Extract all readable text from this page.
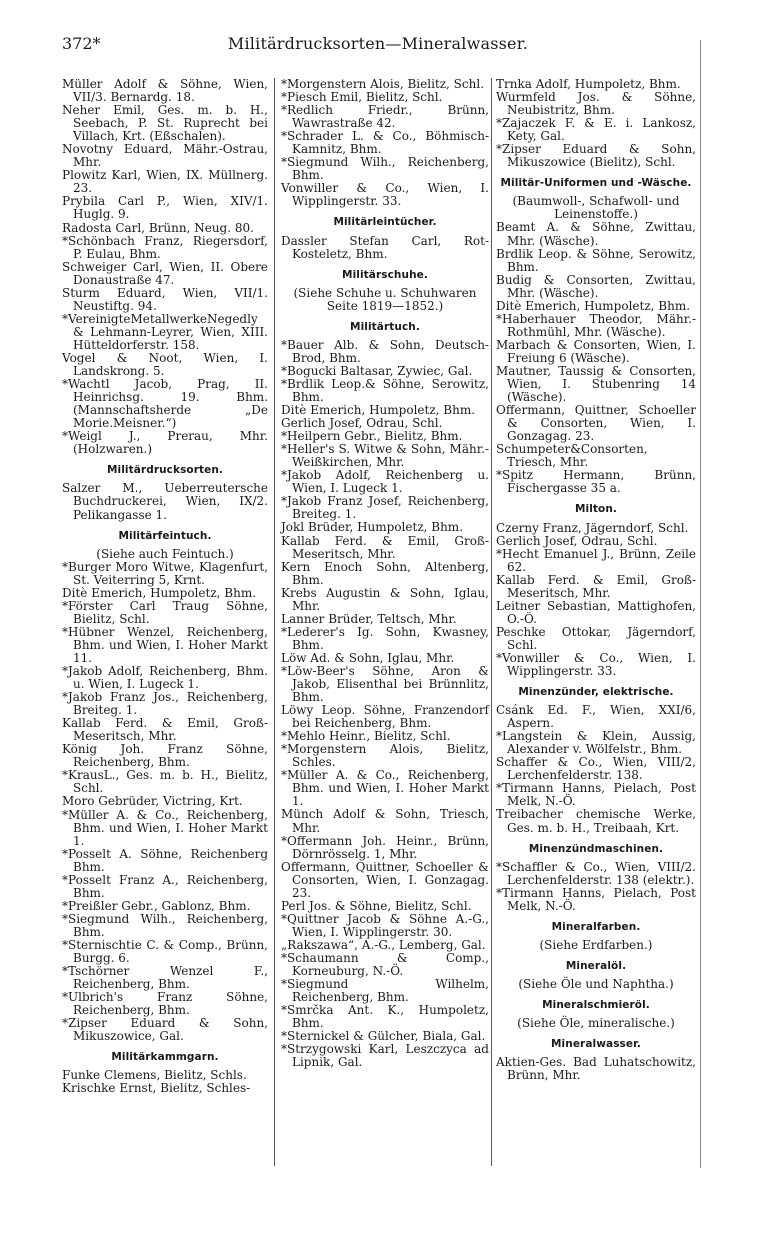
372*	Militärdrucksorten—Mineralwasser.
Müller Adolf & Söhne, Wien, VII/3. Bernardg. 18.
Neher Emil, Ges. m. b. H., Seebach, P. St. Ruprecht bei Villach, Krt. (Eßschalen).
Novotny Eduard, Mähr.-Ostrau, Mhr.
Plowitz Karl, Wien, IX. Müllnerg. 23.
Prybila Carl P., Wien, XIV/1. Huglg. 9.
Radosta Carl, Brünn, Neug. 80.
*Schönbach Franz, Riegersdorf, P. Eulau, Bhm.
Schweiger Carl, Wien, II. Obere Donaustraße 47.
Sturm Eduard, Wien, VII/1. Neustiftg. 94.
*VereinigteMetallwerkeNegedly & Lehmann-Leyrer, Wien, XIII. Hütteldorferstr. 158.
Vogel & Noot, Wien, I. Landskrong. 5.
*Wachtl Jacob, Prag, II. Heinrichsg. 19. Bhm. (Mannschaftsherde „De Morie.Meisner.“)
*Weigl J., Prerau, Mhr. (Holzwaren.)
Militärdrucksorten.
Salzer M., Ueberreutersche Buchdruckerei, Wien, IX/2. Pelikangasse 1.
Militärfeintuch.
(Siehe auch Feintuch.)
*Burger Moro Witwe, Klagenfurt, St. Veiterring 5, Krnt.
Ditè Emerich, Humpoletz, Bhm.
*Förster Carl Traug Söhne, Bielitz, Schl.
*Hübner Wenzel, Reichenberg, Bhm. und Wien, I. Hoher Markt 11.
*Jakob Adolf, Reichenberg, Bhm. u. Wien, I. Lugeck 1.
*Jakob Franz Jos., Reichenberg, Breiteg. 1.
Kallab Ferd. & Emil, Groß-Meseritsch, Mhr.
König Joh. Franz Söhne, Reichenberg, Bhm.
*KrausL., Ges. m. b. H., Bielitz, Schl.
Moro Gebrüder, Victring, Krt.
*Müller A. & Co., Reichenberg, Bhm. und Wien, I. Hoher Markt 1.
*Posselt A. Söhne, Reichenberg Bhm.
*Posselt Franz A., Reichenberg, Bhm.
*Preißler Gebr., Gablonz, Bhm.
*Siegmund Wilh., Reichenberg, Bhm.
*Sternischtie C. & Comp., Brünn, Burgg. 6.
*Tschörner Wenzel F., Reichenberg, Bhm.
*Ulbrich's Franz Söhne, Reichenberg, Bhm.
*Zipser Eduard & Sohn, Mikuszowice, Gal.
Militärkammgarn.
Funke Clemens, Bielitz, Schls.
Krischke Ernst, Bielitz, Schles-
*Morgenstern Alois, Bielitz, Schl.
*Piesch Emil, Bielitz, Schl.
*Redlich Friedr., Brünn, Wawrastraße 42.
*Schrader L. & Co., Böhmisch-Kamnitz, Bhm.
*Siegmund Wilh., Reichenberg, Bhm.
Vonwiller & Co., Wien, I. Wipplingerstr. 33.
Militärleintücher.
Dassler Stefan Carl, Rot-Kosteletz, Bhm.
Militärschuhe.
(Siehe Schuhe u. Schuhwaren Seite 1819—1852.)
Militärtuch.
*Bauer Alb. & Sohn, Deutsch-Brod, Bhm.
*Bogucki Baltasar, Zywiec, Gal.
*Brdlik Leop.& Söhne, Serowitz, Bhm.
Ditè Emerich, Humpoletz, Bhm.
Gerlich Josef, Odrau, Schl.
*Heilpern Gebr., Bielitz, Bhm.
*Heller's S. Witwe & Sohn, Mähr.-Weißkirchen, Mhr.
*Jakob Adolf, Reichenberg u. Wien, I. Lugeck 1.
*Jakob Franz Josef, Reichenberg, Breiteg. 1.
Jokl Brüder, Humpoletz, Bhm.
Kallab Ferd. & Emil, Groß-Meseritsch, Mhr.
Kern Enoch Sohn, Altenberg, Bhm.
Krebs Augustin & Sohn, Iglau, Mhr.
Lanner Brüder, Teltsch, Mhr.
*Lederer's Ig. Sohn, Kwasney, Bhm.
Löw Ad. & Sohn, Iglau, Mhr.
*Löw-Beer's Söhne, Aron & Jakob, Elisenthal bei Brünnlitz, Bhm.
Löwy Leop. Söhne, Franzendorf bei Reichenberg, Bhm.
*Mehlo Heinr., Bielitz, Schl.
*Morgenstern Alois, Bielitz, Schles.
*Müller A. & Co., Reichenberg, Bhm. und Wien, I. Hoher Markt 1.
Münch Adolf & Sohn, Triesch, Mhr.
*Offermann Joh. Heinr., Brünn, Dörnrösselg. 1, Mhr.
Offermann, Quittner, Schoeller & Consorten, Wien, I. Gonzagag. 23.
Perl Jos. & Söhne, Bielitz, Schl.
*Quittner Jacob & Söhne A.-G., Wien, I. Wipplingerstr. 30.
„Rakszawa“, A.-G., Lemberg, Gal.
*Schaumann & Comp., Korneuburg, N.-Ö.
*Siegmund Wilhelm, Reichenberg, Bhm.
*Smrčka Ant. K., Humpoletz, Bhm.
*Sternickel & Gülcher, Biala, Gal.
*Strzygowski Karl, Leszczyca ad Lipnik, Gal.
Trnka Adolf, Humpoletz, Bhm.
Wurmfeld Jos. & Söhne, Neubistritz, Bhm.
*Zajaczek F. & E. i. Lankosz, Kety, Gal.
*Zipser Eduard & Sohn, Mikuszowice (Bielitz), Schl.
Militär-Uniformen und -Wäsche.
(Baumwoll-, Schafwoll- und Leinenstoffe.)
Beamt A. & Söhne, Zwittau, Mhr. (Wäsche).
Brdlik Leop. & Söhne, Serowitz, Bhm.
Budig & Consorten, Zwittau, Mhr. (Wäsche).
Ditè Emerich, Humpoletz, Bhm.
*Haberhauer Theodor, Mähr.-Rothmühl, Mhr. (Wäsche).
Marbach & Consorten, Wien, I. Freiung 6 (Wäsche).
Mautner, Taussig & Consorten, Wien, I. Stubenring 14 (Wäsche).
Offermann, Quittner, Schoeller & Consorten, Wien, I. Gonzagag. 23.
Schumpeter&Consorten, Triesch, Mhr.
*Spitz Hermann, Brünn, Fischergasse 35 a.
Milton.
Czerny Franz, Jägerndorf, Schl.
Gerlich Josef, Odrau, Schl.
*Hecht Emanuel J., Brünn, Zeile 62.
Kallab Ferd. & Emil, Groß-Meseritsch, Mhr.
Leitner Sebastian, Mattighofen, O.-Ö.
Peschke Ottokar, Jägerndorf, Schl.
*Vonwiller & Co., Wien, I. Wipplingerstr. 33.
Minenzünder, elektrische.
Csánk Ed. F., Wien, XXI/6, Aspern.
*Langstein & Klein, Aussig, Alexander v. Wölfelstr., Bhm.
Schaffer & Co., Wien, VIII/2, Lerchenfelderstr. 138.
*Tirmann Hanns, Pielach, Post Melk, N.-Ö.
Treibacher chemische Werke, Ges. m. b. H., Treibaah, Krt.
Minenzündmaschinen.
*Schaffler & Co., Wien, VIII/2. Lerchenfelderstr. 138 (elektr.).
*Tirmann Hanns, Pielach, Post Melk, N.-Ö.
Mineralfarben.
(Siehe Erdfarben.)
Mineralöl.
(Siehe Öle und Naphtha.)
Mineralschmieröl.
(Siehe Öle, mineralische.)
Mineralwasser.
Aktien-Ges. Bad Luhatschowitz, Brünn, Mhr.
